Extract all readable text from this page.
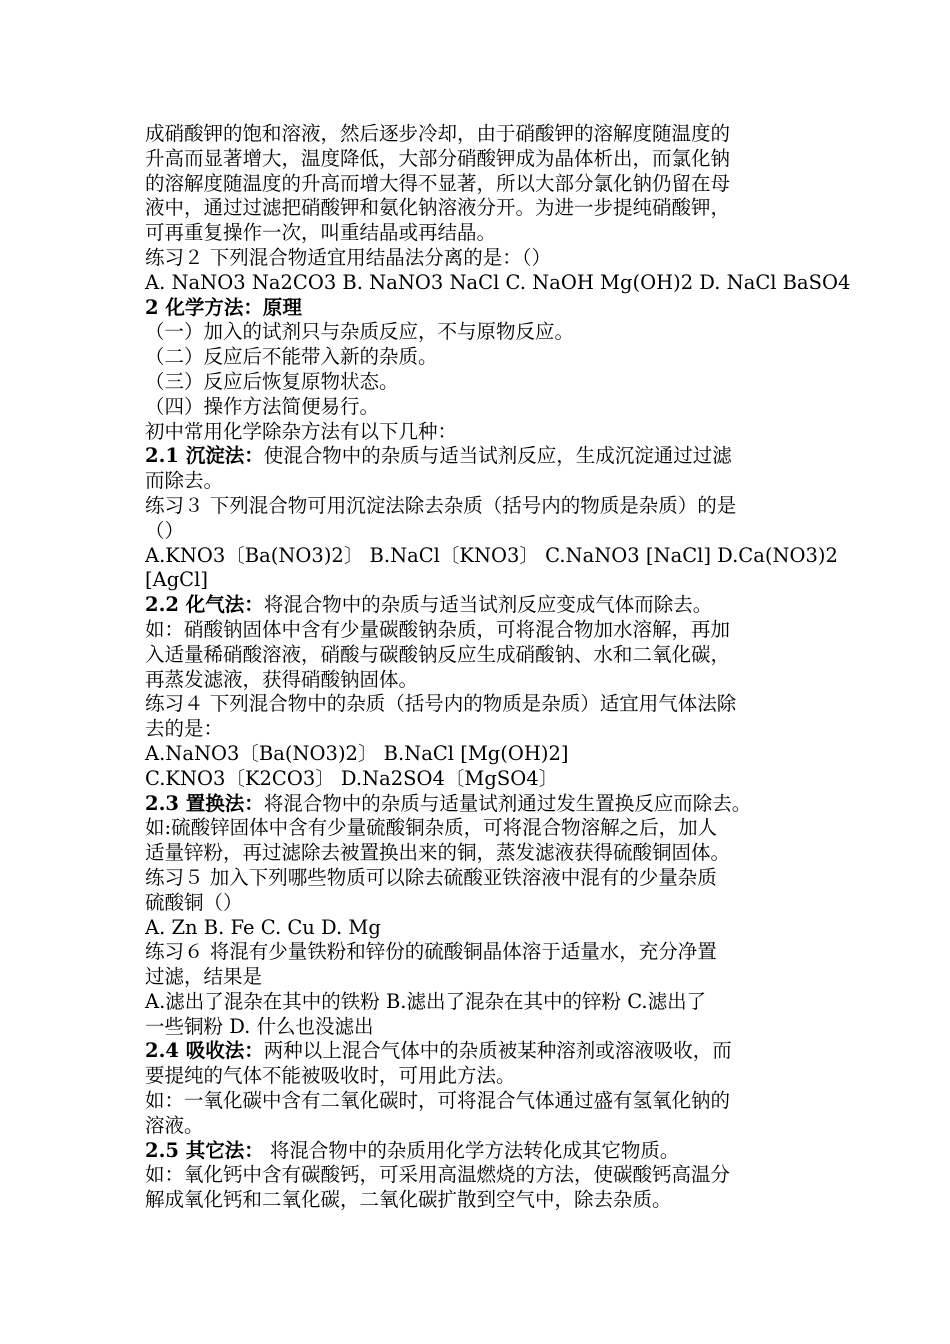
成硝酸钾的饱和溶液，然后逐步冷却，由于硝酸钾的溶解度随温度的
升高而显著增大，温度降低，大部分硝酸钾成为晶体析出，而氯化钠
的溶解度随温度的升高而增大得不显著，所以大部分氯化钠仍留在母
液中，通过过滤把硝酸钾和氨化钠溶液分开。为进一步提纯硝酸钾，
可再重复操作一次，叫重结晶或再结晶。
练习２ 下列混合物适宜用结晶法分离的是：（）
A. NaNO3 Na2CO3 B. NaNO3 NaCl C. NaOH Mg(OH)2 D. NaCl BaSO4
2 化学方法：原理
（一）加入的试剂只与杂质反应，不与原物反应。
（二）反应后不能带入新的杂质。
（三）反应后恢复原物状态。
（四）操作方法简便易行。
初中常用化学除杂方法有以下几种：
2.1 沉淀法：使混合物中的杂质与适当试剂反应，生成沉淀通过过滤
而除去。
练习３ 下列混合物可用沉淀法除去杂质（括号内的物质是杂质）的是
（）
A.KNO3〔Ba(NO3)2〕 B.NaCl〔KNO3〕 C.NaNO3 [NaCl] D.Ca(NO3)2
[AgCl]
2.2 化气法：将混合物中的杂质与适当试剂反应变成气体而除去。
如：硝酸钠固体中含有少量碳酸钠杂质，可将混合物加水溶解，再加
入适量稀硝酸溶液，硝酸与碳酸钠反应生成硝酸钠、水和二氧化碳，
再蒸发滤液，获得硝酸钠固体。
练习４ 下列混合物中的杂质（括号内的物质是杂质）适宜用气体法除
去的是：
A.NaNO3〔Ba(NO3)2〕 B.NaCl [Mg(OH)2]
C.KNO3〔K2CO3〕 D.Na2SO4〔MgSO4〕
2.3 置换法：将混合物中的杂质与适量试剂通过发生置换反应而除去。
如:硫酸锌固体中含有少量硫酸铜杂质，可将混合物溶解之后，加人
适量锌粉，再过滤除去被置换出来的铜，蒸发滤液获得硫酸铜固体。
练习５ 加入下列哪些物质可以除去硫酸亚铁溶液中混有的少量杂质
硫酸铜（）
A. Zn B. Fe C. Cu D. Mg
练习６ 将混有少量铁粉和锌份的硫酸铜晶体溶于适量水，充分净置
过滤，结果是
A.滤出了混杂在其中的铁粉 B.滤出了混杂在其中的锌粉 C.滤出了
一些铜粉 D. 什么也没滤出
2.4 吸收法：两种以上混合气体中的杂质被某种溶剂或溶液吸收，而
要提纯的气体不能被吸收时，可用此方法。
如：一氧化碳中含有二氧化碳时，可将混合气体通过盛有氢氧化钠的
溶液。
2.5 其它法： 将混合物中的杂质用化学方法转化成其它物质。
如：氧化钙中含有碳酸钙，可采用高温燃烧的方法，使碳酸钙高温分
解成氧化钙和二氧化碳，二氧化碳扩散到空气中，除去杂质。
